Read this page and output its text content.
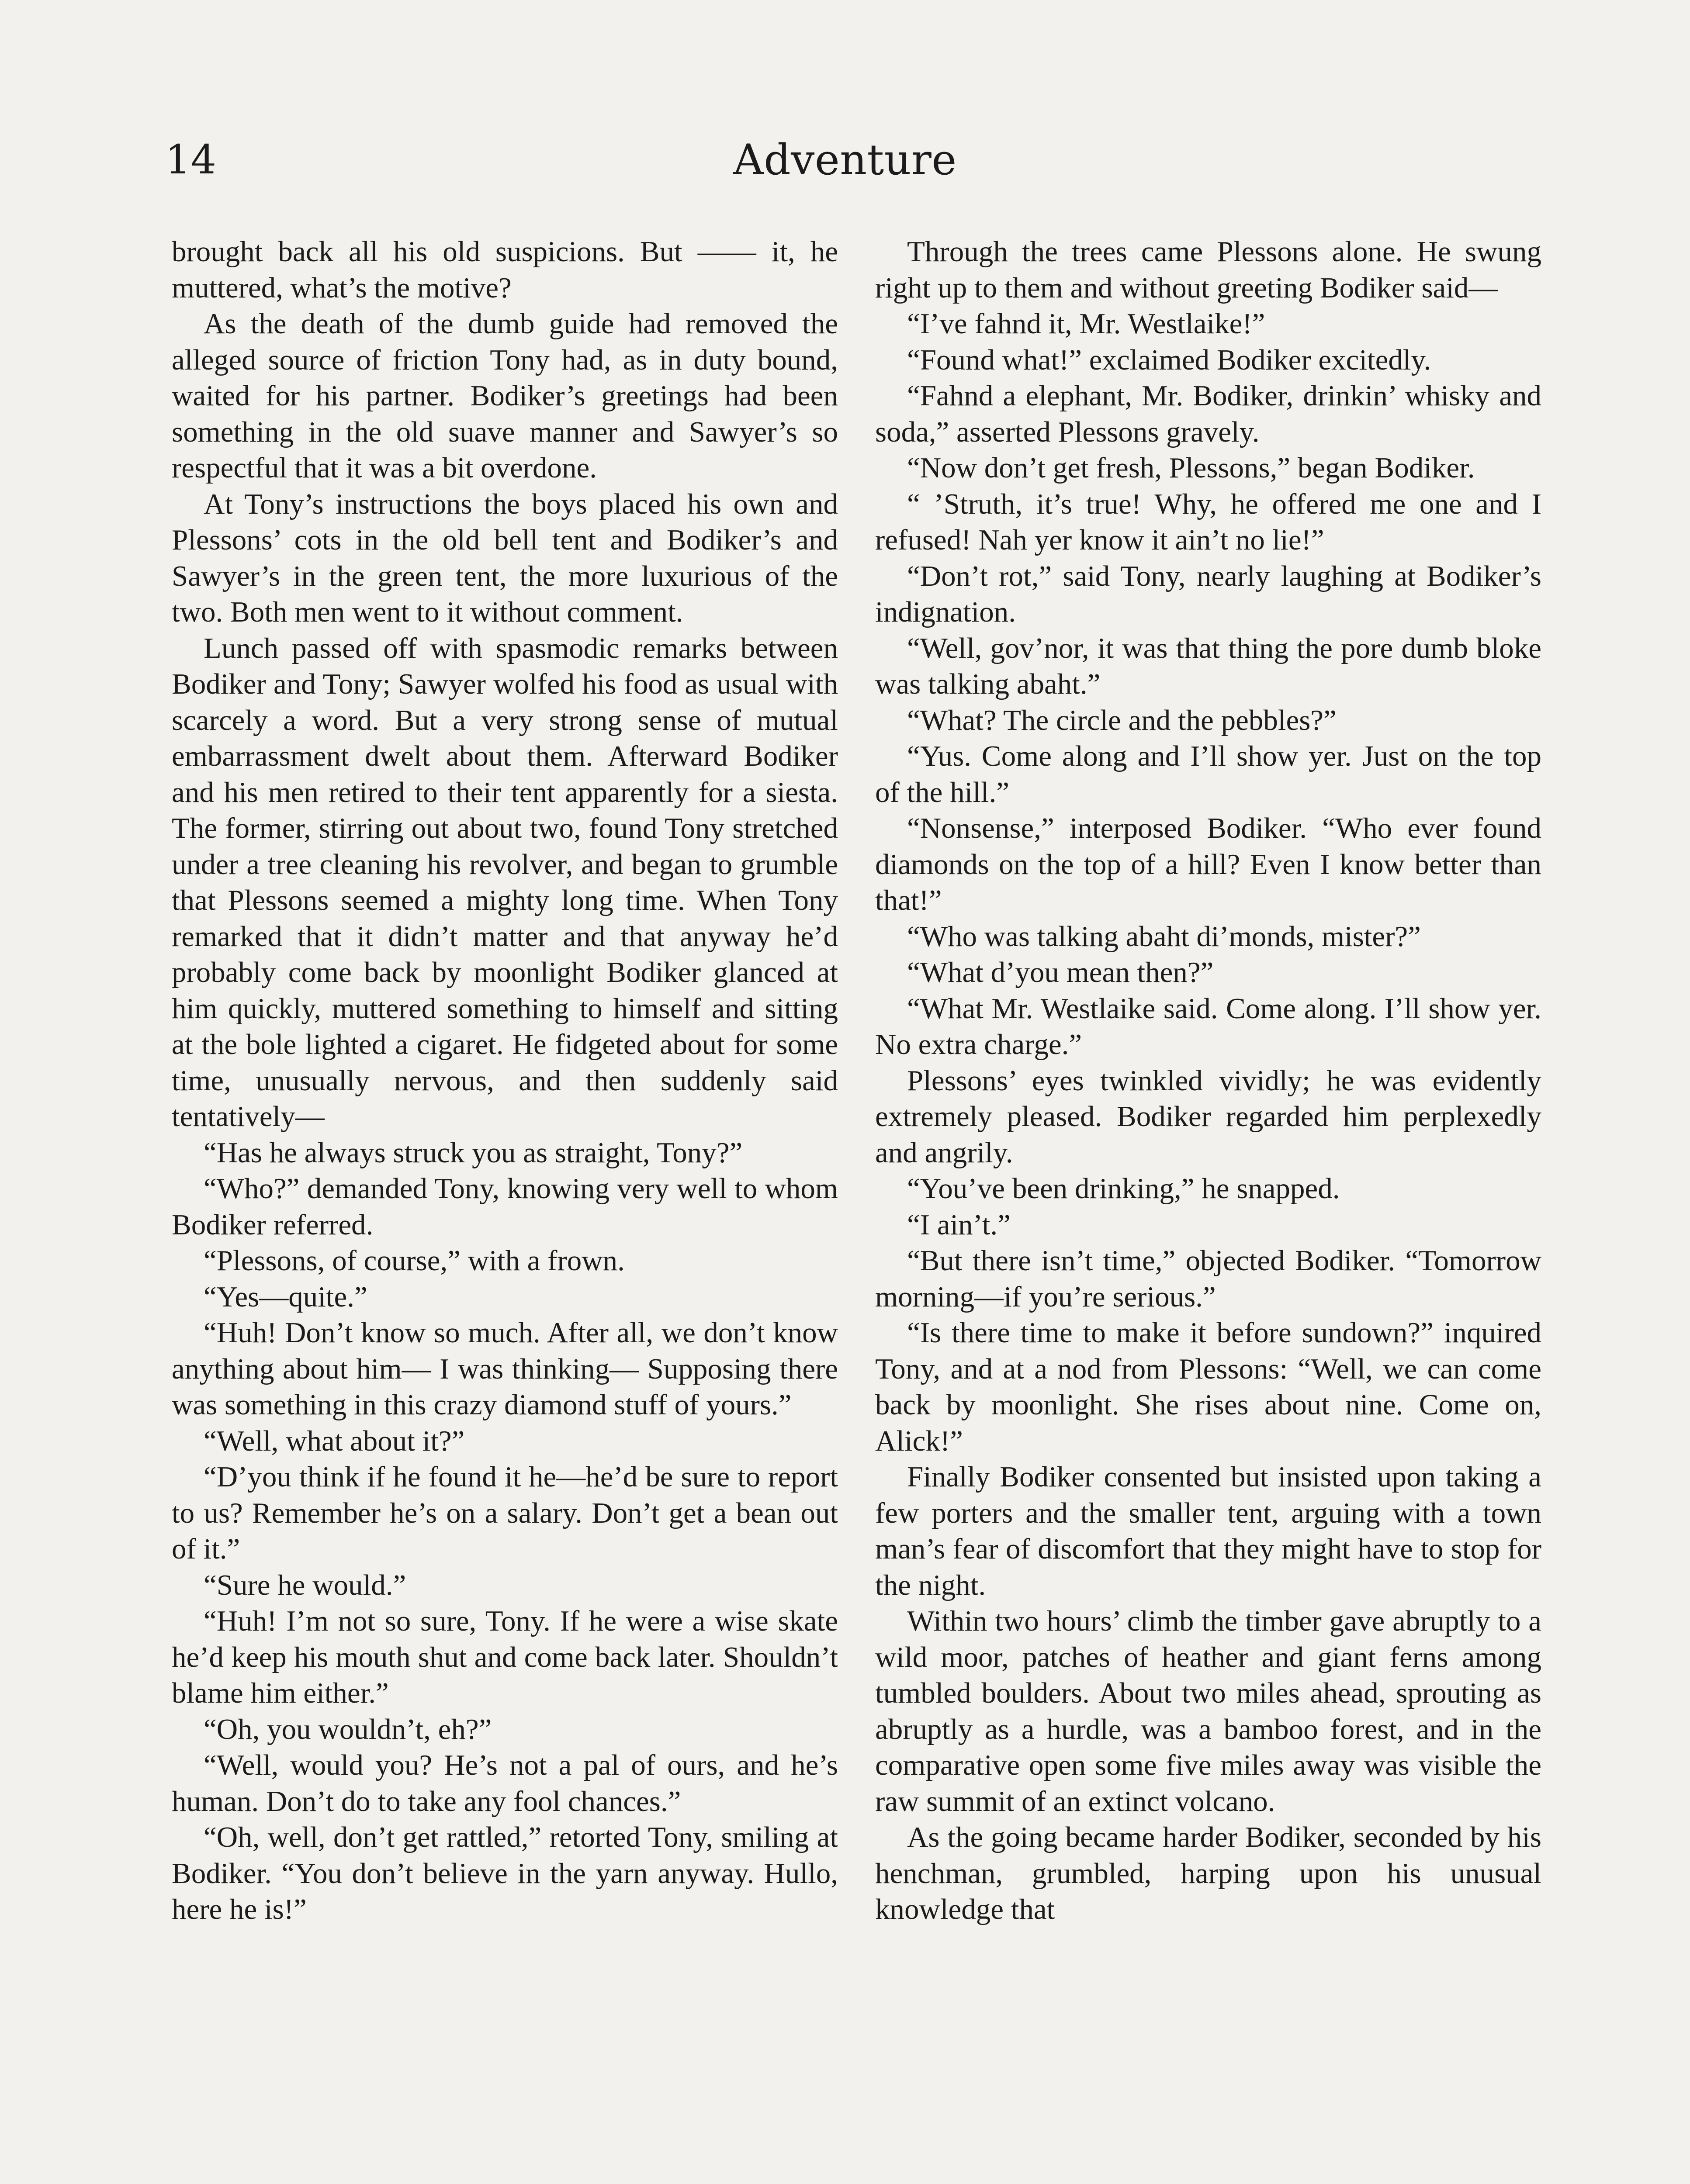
14	Adventure

brought back all his old suspicions. But —— it, he muttered, what’s the motive?

As the death of the dumb guide had removed the alleged source of friction Tony had, as in duty bound, waited for his partner. Bodiker’s greetings had been something in the old suave manner and Sawyer’s so respectful that it was a bit overdone.

At Tony’s instructions the boys placed his own and Plessons’ cots in the old bell tent and Bodiker’s and Sawyer’s in the green tent, the more luxurious of the two. Both men went to it without comment.

Lunch passed off with spasmodic remarks between Bodiker and Tony; Sawyer wolfed his food as usual with scarcely a word. But a very strong sense of mutual embarrassment dwelt about them. Afterward Bodiker and his men retired to their tent apparently for a siesta. The former, stirring out about two, found Tony stretched under a tree cleaning his revolver, and began to grumble that Plessons seemed a mighty long time. When Tony remarked that it didn’t matter and that anyway he’d probably come back by moonlight Bodiker glanced at him quickly, muttered something to himself and sitting at the bole lighted a cigaret. He fidgeted about for some time, unusually nervous, and then suddenly said tentatively—

“Has he always struck you as straight, Tony?”

“Who?” demanded Tony, knowing very well to whom Bodiker referred.

“Plessons, of course,” with a frown.

“Yes—quite.”

“Huh! Don’t know so much. After all, we don’t know anything about him— I was thinking— Supposing there was something in this crazy diamond stuff of yours.”

“Well, what about it?”

“D’you think if he found it he—he’d be sure to report to us? Remember he’s on a salary. Don’t get a bean out of it.”

“Sure he would.”

“Huh! I’m not so sure, Tony. If he were a wise skate he’d keep his mouth shut and come back later. Shouldn’t blame him either.”

“Oh, you wouldn’t, eh?”

“Well, would you? He’s not a pal of ours, and he’s human. Don’t do to take any fool chances.”

“Oh, well, don’t get rattled,” retorted Tony, smiling at Bodiker. “You don’t believe in the yarn anyway. Hullo, here he is!”

Through the trees came Plessons alone. He swung right up to them and without greeting Bodiker said—

“I’ve fahnd it, Mr. Westlaike!”

“Found what!” exclaimed Bodiker excitedly.

“Fahnd a elephant, Mr. Bodiker, drinkin’ whisky and soda,” asserted Plessons gravely.

“Now don’t get fresh, Plessons,” began Bodiker.

“ ’Struth, it’s true! Why, he offered me one and I refused! Nah yer know it ain’t no lie!”

“Don’t rot,” said Tony, nearly laughing at Bodiker’s indignation.

“Well, gov’nor, it was that thing the pore dumb bloke was talking abaht.”

“What? The circle and the pebbles?”

“Yus. Come along and I’ll show yer. Just on the top of the hill.”

“Nonsense,” interposed Bodiker. “Who ever found diamonds on the top of a hill? Even I know better than that!”

“Who was talking abaht di’monds, mister?”

“What d’you mean then?”

“What Mr. Westlaike said. Come along. I’ll show yer. No extra charge.”

Plessons’ eyes twinkled vividly; he was evidently extremely pleased. Bodiker regarded him perplexedly and angrily.

“You’ve been drinking,” he snapped.

“I ain’t.”

“But there isn’t time,” objected Bodiker. “Tomorrow morning—if you’re serious.”

“Is there time to make it before sundown?” inquired Tony, and at a nod from Plessons: “Well, we can come back by moonlight. She rises about nine. Come on, Alick!”

Finally Bodiker consented but insisted upon taking a few porters and the smaller tent, arguing with a town man’s fear of discomfort that they might have to stop for the night.

Within two hours’ climb the timber gave abruptly to a wild moor, patches of heather and giant ferns among tumbled boulders. About two miles ahead, sprouting as abruptly as a hurdle, was a bamboo forest, and in the comparative open some five miles away was visible the raw summit of an extinct volcano.

As the going became harder Bodiker, seconded by his henchman, grumbled, harping upon his unusual knowledge that
